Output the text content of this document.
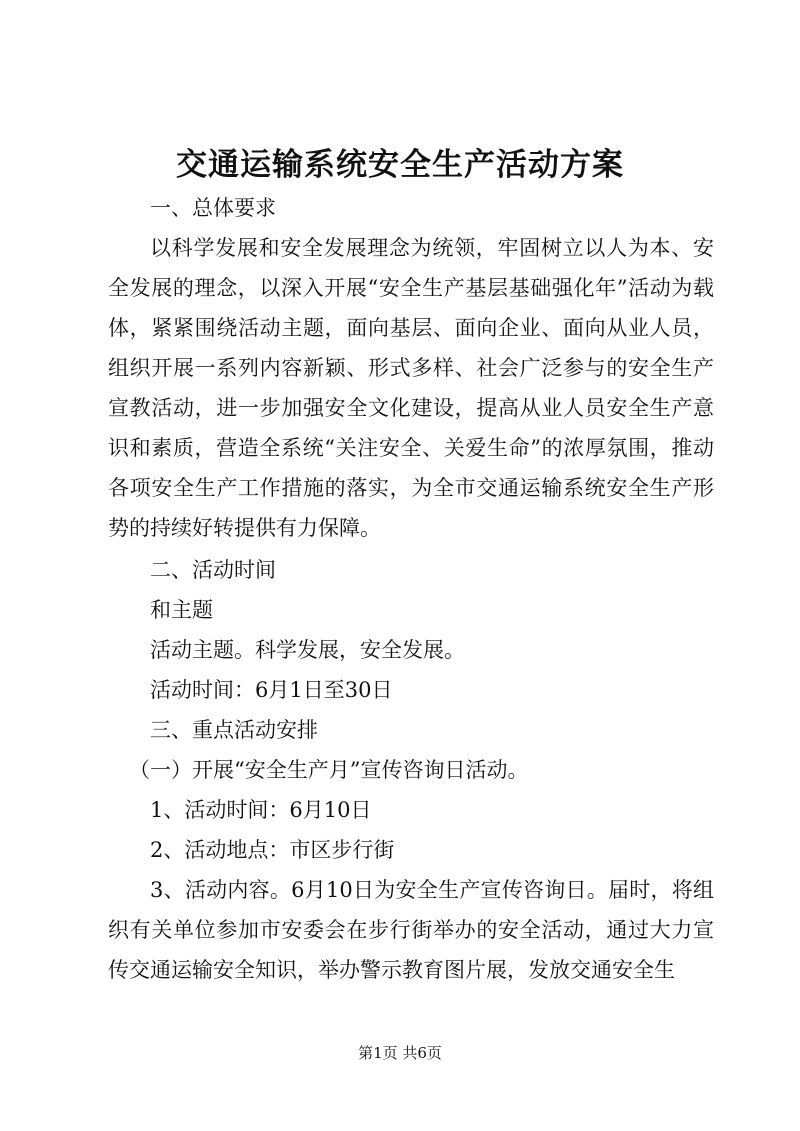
交通运输系统安全生产活动方案

一、总体要求

以科学发展和安全发展理念为统领，牢固树立以人为本、安全发展的理念，以深入开展“安全生产基层基础强化年”活动为载体，紧紧围绕活动主题，面向基层、面向企业、面向从业人员，组织开展一系列内容新颖、形式多样、社会广泛参与的安全生产宣教活动，进一步加强安全文化建设，提高从业人员安全生产意识和素质，营造全系统“关注安全、关爱生命”的浓厚氛围，推动各项安全生产工作措施的落实，为全市交通运输系统安全生产形势的持续好转提供有力保障。

二、活动时间

和主题

活动主题。科学发展，安全发展。

活动时间：6月1日至30日

三、重点活动安排

（一）开展“安全生产月”宣传咨询日活动。

1、活动时间：6月10日

2、活动地点：市区步行街

3、活动内容。6月10日为安全生产宣传咨询日。届时，将组织有关单位参加市安委会在步行街举办的安全活动，通过大力宣传交通运输安全知识，举办警示教育图片展，发放交通安全生

第1页 共6页
